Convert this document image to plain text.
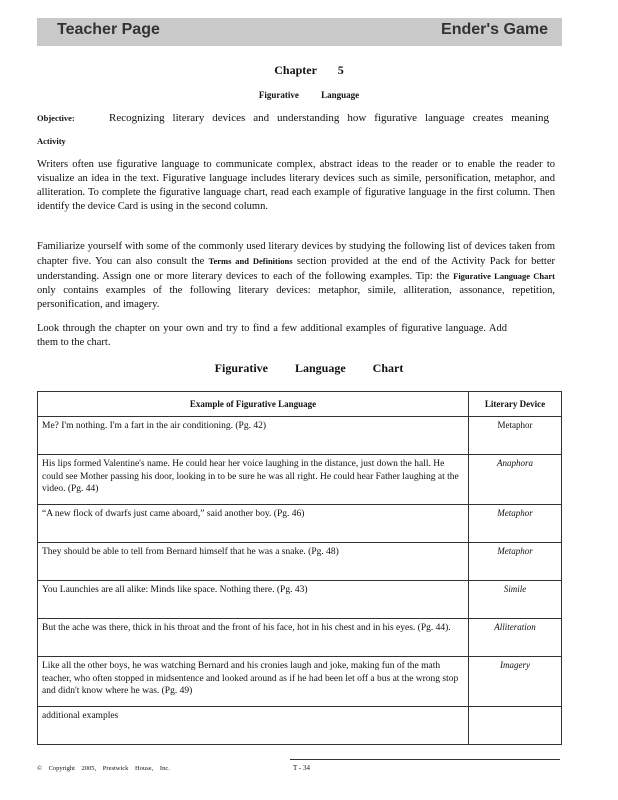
Teacher Page	Ender's Game
Chapter 5
Figurative Language
Objective:	Recognizing literary devices and understanding how figurative language creates meaning
Activity

Writers often use figurative language to communicate complex, abstract ideas to the reader or to enable the reader to visualize an idea in the text. Figurative language includes literary devices such as simile, personification, metaphor, and alliteration. To complete the figurative language chart, read each example of figurative language in the first column. Then identify the device Card is using in the second column.

Familiarize yourself with some of the commonly used literary devices by studying the following list of devices taken from chapter five. You can also consult the Terms and Definitions section provided at the end of the Activity Pack for better understanding. Assign one or more literary devices to each of the following examples. Tip: the Figurative Language Chart only contains examples of the following literary devices: metaphor, simile, alliteration, assonance, repetition, personification, and imagery.

Look through the chapter on your own and try to find a few additional examples of figurative language. Add them to the chart.

Figurative Language Chart
Example of Figurative Language	Literary Device
Me? I'm nothing. I'm a fart in the air conditioning. (Pg. 42)	Metaphor
His lips formed Valentine's name. He could hear her voice laughing in the distance, just down the hall. He could see Mother passing his door, looking in to be sure he was all right. He could hear Father laughing at the video. (Pg. 44)	Anaphora
“A new flock of dwarfs just came aboard,” said another boy. (Pg. 46)	Metaphor
They should be able to tell from Bernard himself that he was a snake. (Pg. 48)	Metaphor
You Launchies are all alike: Minds like space. Nothing there. (Pg. 43)	Simile
But the ache was there, thick in his throat and the front of his face, hot in his chest and in his eyes. (Pg. 44).	Alliteration
Like all the other boys, he was watching Bernard and his cronies laugh and joke, making fun of the math teacher, who often stopped in midsentence and looked around as if he had been let off a bus at the wrong stop and didn't know where he was. (Pg. 49)	Imagery
additional examples	
© Copyright 2005, Prestwick House, Inc.	T - 34
